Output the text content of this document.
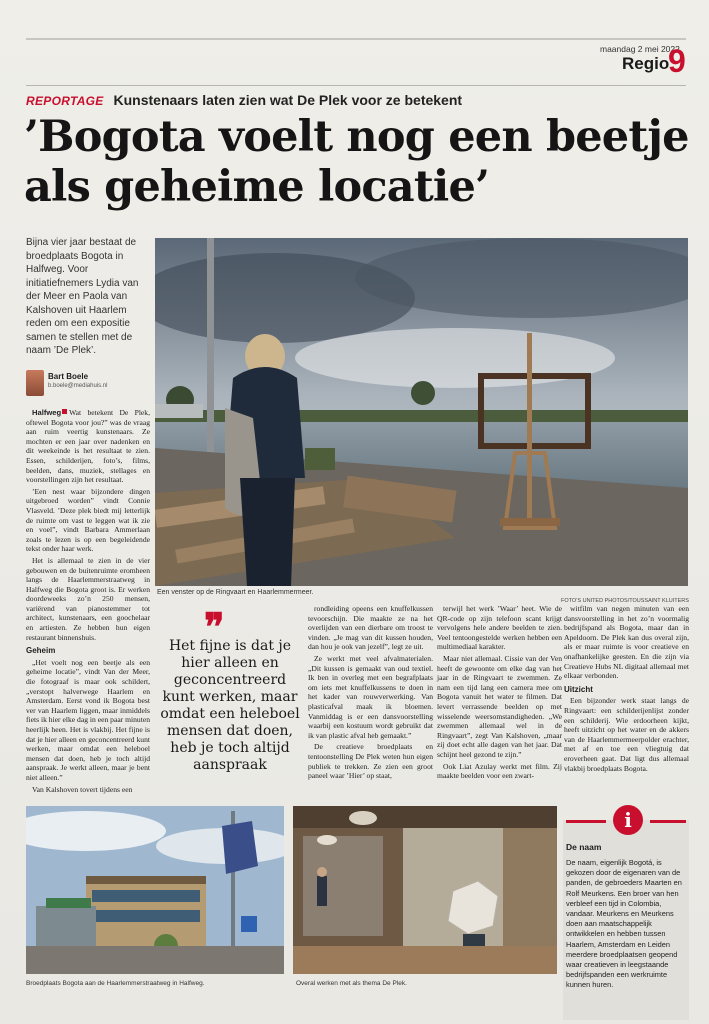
maandag 2 mei 2022
Regio
9
REPORTAGE Kunstenaars laten zien wat De Plek voor ze betekent
’Bogota voelt nog een beetje als geheime locatie’
Bijna vier jaar bestaat de broedplaats Bogota in Halfweg. Voor initiatiefnemers Lydia van der Meer en Paola van Kalshoven uit Haarlem reden om een expositie samen te stellen met de naam ’De Plek’.
Bart Boele
b.boele@mediahuis.nl

Halfweg Wat betekent De Plek, oftewel Bogota voor jou?” was de vraag aan ruim veertig kunstenaars. Ze mochten er een jaar over nadenken en dit weekeinde is het resultaat te zien. Essen, schilderijen, foto’s, films, beelden, dans, muziek, stellages en voorstellingen zijn het resultaat.

’Een nest waar bijzondere dingen uitgebroed worden” vindt Connie Vlasveld. ’Deze plek biedt mij letterlijk de ruimte om vast te leggen wat ik zie en voel”, vindt Barbara Ammerlaan zoals te lezen is op een begeleidende tekst onder haar werk.

Het is allemaal te zien in de vier gebouwen en de buitenruimte eromheen langs de Haarlemmerstraatweg in Halfweg die Bogota groot is. Er werken doordeweeks zo’n 250 mensen, variërend van pianostemmer tot architect, kunstenaars, een goochelaar en artiesten. Ze hebben hun eigen restaurant binnenshuis.

Geheim

„Het voelt nog een beetje als een geheime locatie”, vindt Van der Meer, die fotograaf is maar ook schildert, „verstopt halverwege Haarlem en Amsterdam. Eerst vond ik Bogota best ver van Haarlem liggen, maar inmiddels fiets ik hier elke dag in een paar minuten heerlijk heen. Het is vlakbij. Het fijne is dat je hier alleen en geconcentreerd kunt werken, maar omdat een heleboel mensen dat doen, heb je toch altijd aanspraak. Je werkt alleen, maar je bent niet alleen.”

Van Kalshoven tovert tijdens een

Een venster op de Ringvaart en Haarlemmermeer.
FOTO’S UNITED PHOTOS/TOUSSAINT KLUITERS
❞
Het fijne is dat je hier alleen en geconcentreerd kunt werken, maar omdat een heleboel mensen dat doen, heb je toch altijd aanspraak

rondleiding opeens een knuffelkussen tevoorschijn. Die maakte ze na het overlijden van een dierbare om troost te vinden. „Je mag van dit kussen houden, dan hou je ook van jezelf”, legt ze uit.

Ze werkt met veel afvalmaterialen. „Dit kussen is gemaakt van oud textiel. Ik ben in overleg met een begrafplaats om iets met knuffelkussens te doen in het kader van rouwverwerking. Van plasticafval maak ik bloemen. Vanmiddag is er een dansvoorstelling waarbij een kostuum wordt gebruikt dat ik van plastic afval heb gemaakt.”

De creatieve broedplaats en tentoonstelling De Plek weten hun eigen publiek te trekken. Ze zien een groot paneel waar ’Hier’ op staat,

terwijl het werk ’Waar’ heet. Wie de QR-code op zijn telefoon scant krijgt vervolgens hele andere beelden te zien. Veel tentoongestelde werken hebben een multimediaal karakter.

Maar niet allemaal. Cissie van der Ven heeft de gewoonte om elke dag van het jaar in de Ringvaart te zwemmen. Ze nam een tijd lang een camera mee om Bogota vanuit het water te filmen. Dat levert verrassende beelden op met wisselende weersomstandigheden. „We zwemmen allemaal wel in de Ringvaart”, zegt Van Kalshoven, „maar zij doet echt alle dagen van het jaar. Dat schijnt heel gezond te zijn.”

Ook Liat Azulay werkt met film. Zij maakte beelden voor een zwart-

witfilm van negen minuten van een dansvoorstelling in het zo’n voormalig bedrijfspand als Bogota, maar dan in Apeldoorn. De Plek kan dus overal zijn, als er maar ruimte is voor creatieve en onafhankelijke geesten. En die zijn via Creatieve Hubs NL digitaal allemaal met elkaar verbonden.

Uitzicht

Een bijzonder werk staat langs de Ringvaart: een schilderijenlijst zonder een schilderij. Wie erdoorheen kijkt, heeft uitzicht op het water en de akkers van de Haarlemmermeerpolder erachter, met af en toe een vliegtuig dat eroverheen gaat. Dat ligt dus allemaal vlakbij broedplaats Bogota.

Broedplaats Bogota aan de Haarlemmerstraatweg in Halfweg.	Overal werken met als thema De Plek.
i
De naam
De naam, eigenlijk Bogotá, is gekozen door de eigenaren van de panden, de gebroeders Maarten en Rolf Meurkens. Een broer van hen verbleef een tijd in Colombia, vandaar. Meurkens en Meurkens doen aan maatschappelijk ontwikkelen en hebben tussen Haarlem, Amsterdam en Leiden meerdere broedplaatsen geopend waar creatieven in leegstaande bedrijfspanden een werkruimte kunnen huren.
